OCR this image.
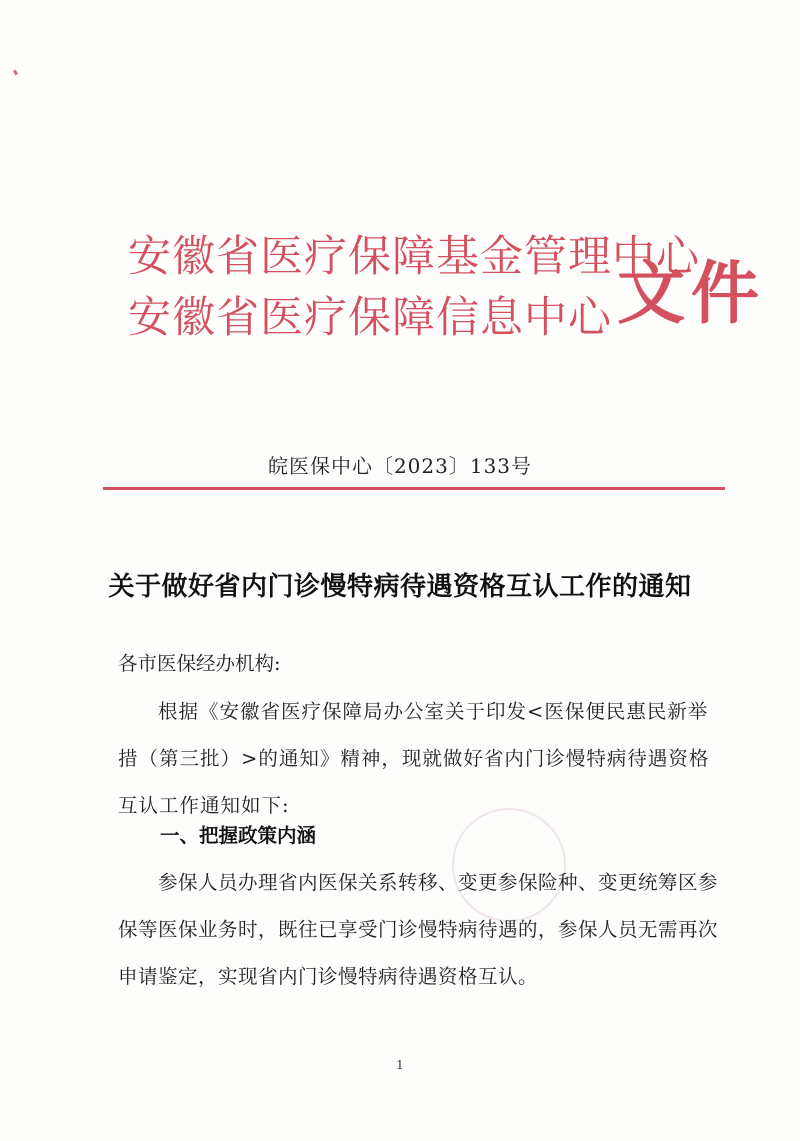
安徽省医疗保障基金管理中心
安徽省医疗保障信息中心 文件
皖医保中心〔2023〕133号
关于做好省内门诊慢特病待遇资格互认工作的通知
各市医保经办机构:
根据《安徽省医疗保障局办公室关于印发<医保便民惠民新举措（第三批）>的通知》精神，现就做好省内门诊慢特病待遇资格互认工作通知如下:
一、把握政策内涵
参保人员办理省内医保关系转移、变更参保险种、变更统筹区参保等医保业务时，既往已享受门诊慢特病待遇的，参保人员无需再次申请鉴定，实现省内门诊慢特病待遇资格互认。
1
